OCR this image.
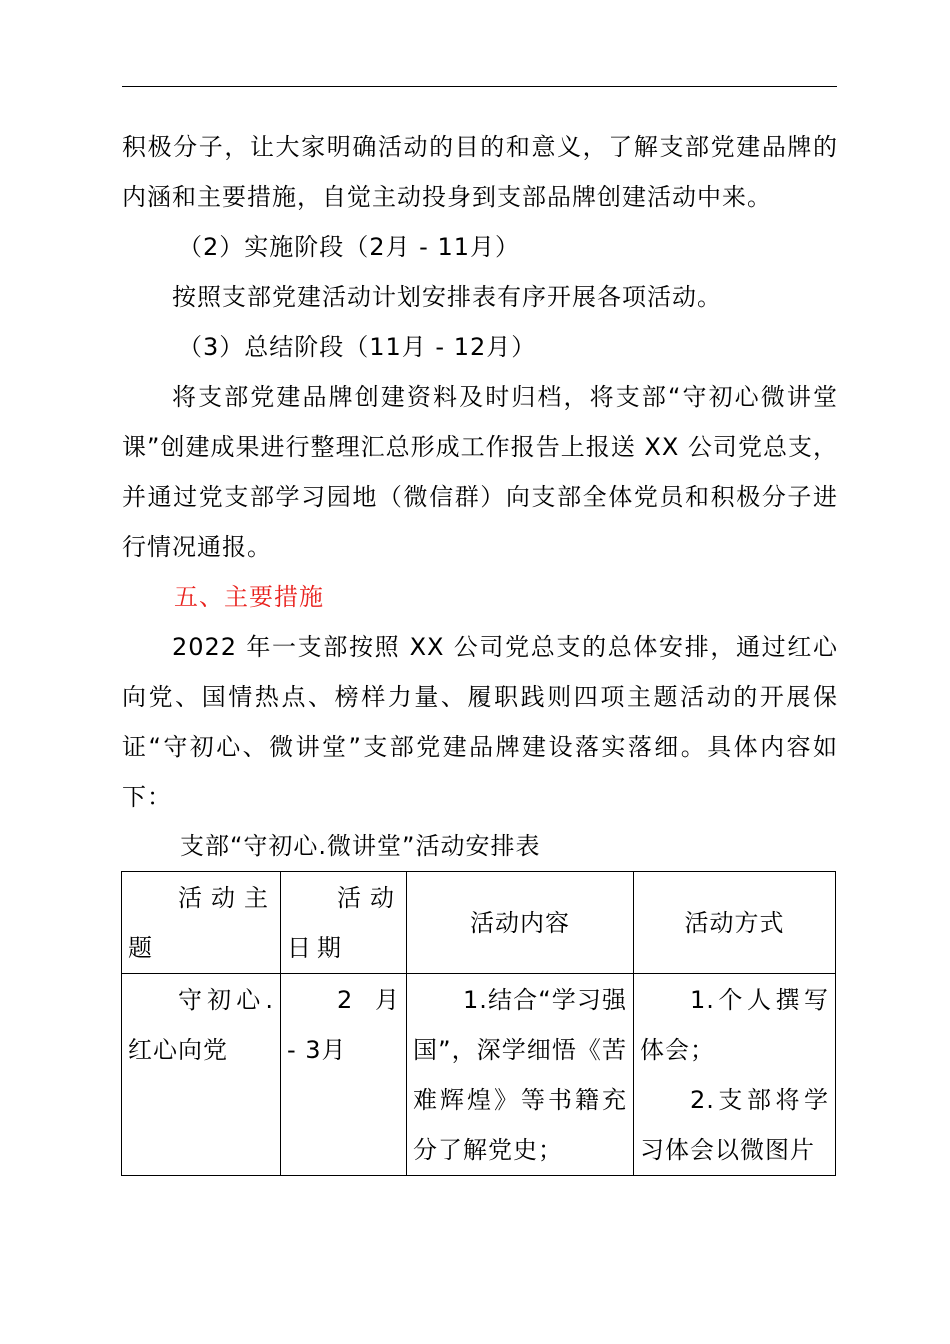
积极分子，让大家明确活动的目的和意义，了解支部党建品牌的内涵和主要措施，自觉主动投身到支部品牌创建活动中来。

（2）实施阶段（2月 - 11月）

按照支部党建活动计划安排表有序开展各项活动。

（3）总结阶段（11月 - 12月）

将支部党建品牌创建资料及时归档，将支部“守初心微讲堂课”创建成果进行整理汇总形成工作报告上报送 XX 公司党总支，并通过党支部学习园地（微信群）向支部全体党员和积极分子进行情况通报。

五、主要措施

2022 年一支部按照 XX 公司党总支的总体安排，通过红心向党、国情热点、榜样力量、履职践则四项主题活动的开展保证“守初心、微讲堂”支部党建品牌建设落实落细。具体内容如下：

支部“守初心.微讲堂”活动安排表

活动主题	活动日期	活动内容	活动方式
守初心.红心向党	2 月 - 3月	1.结合“学习强国”，深学细悟《苦难辉煌》等书籍充分了解党史；	1.个人撰写体会；
2.支部将学习体会以微图片
